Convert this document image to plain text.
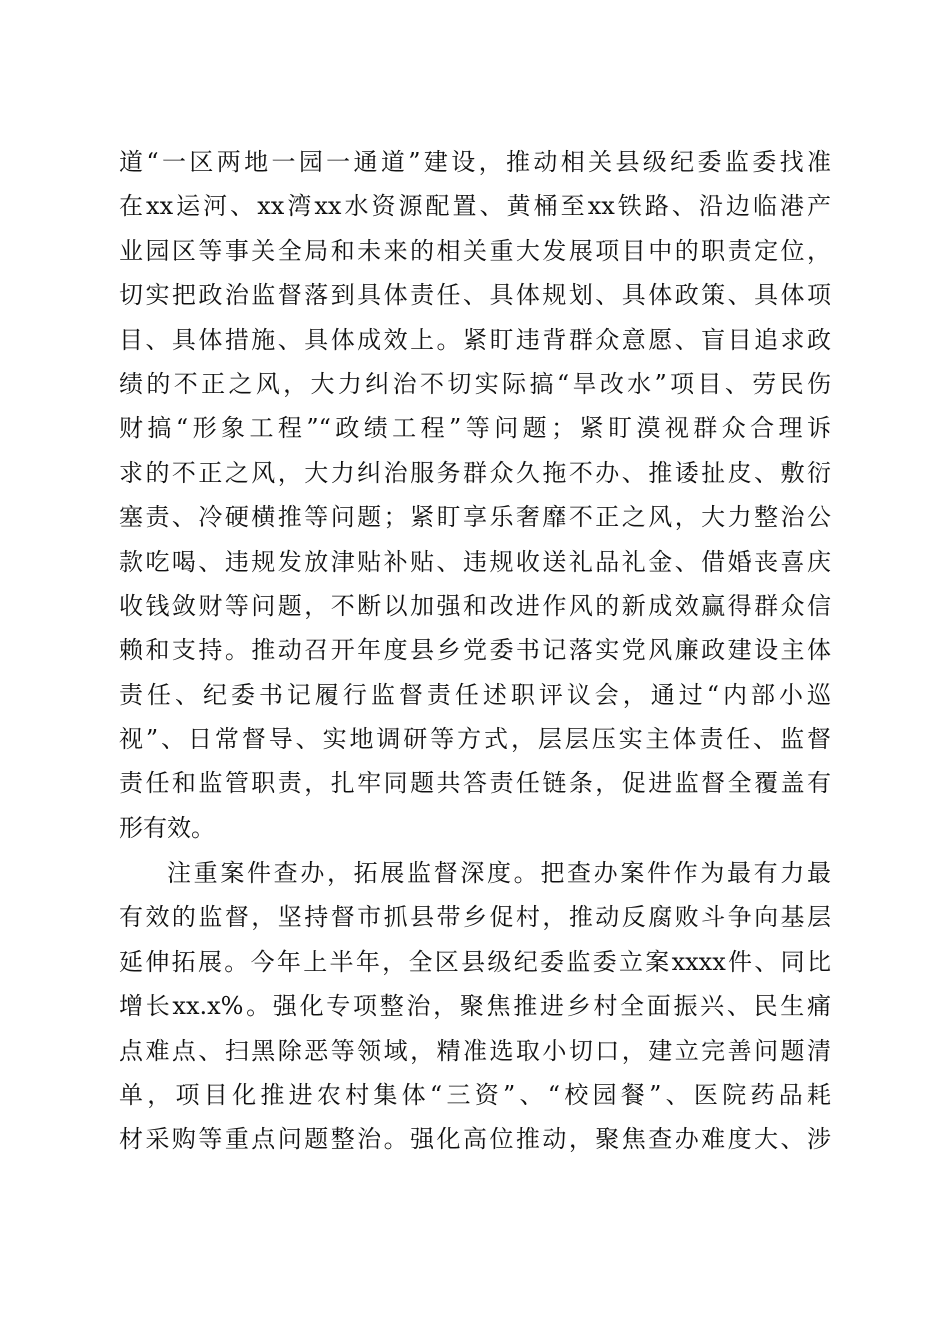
道“一区两地一园一通道”建设，推动相关县级纪委监委找准
在xx运河、xx湾xx水资源配置、黄桶至xx铁路、沿边临港产
业园区等事关全局和未来的相关重大发展项目中的职责定位，
切实把政治监督落到具体责任、具体规划、具体政策、具体项
目、具体措施、具体成效上。紧盯违背群众意愿、盲目追求政
绩的不正之风，大力纠治不切实际搞“旱改水”项目、劳民伤
财搞“形象工程”“政绩工程”等问题；紧盯漠视群众合理诉
求的不正之风，大力纠治服务群众久拖不办、推诿扯皮、敷衍
塞责、冷硬横推等问题；紧盯享乐奢靡不正之风，大力整治公
款吃喝、违规发放津贴补贴、违规收送礼品礼金、借婚丧喜庆
收钱敛财等问题，不断以加强和改进作风的新成效赢得群众信
赖和支持。推动召开年度县乡党委书记落实党风廉政建设主体
责任、纪委书记履行监督责任述职评议会，通过“内部小巡
视”、日常督导、实地调研等方式，层层压实主体责任、监督
责任和监管职责，扎牢同题共答责任链条，促进监督全覆盖有
形有效。
注重案件查办，拓展监督深度。把查办案件作为最有力最
有效的监督，坚持督市抓县带乡促村，推动反腐败斗争向基层
延伸拓展。今年上半年，全区县级纪委监委立案xxxx件、同比
增长xx.x%。强化专项整治，聚焦推进乡村全面振兴、民生痛
点难点、扫黑除恶等领域，精准选取小切口，建立完善问题清
单，项目化推进农村集体“三资”、“校园餐”、医院药品耗
材采购等重点问题整治。强化高位推动，聚焦查办难度大、涉
